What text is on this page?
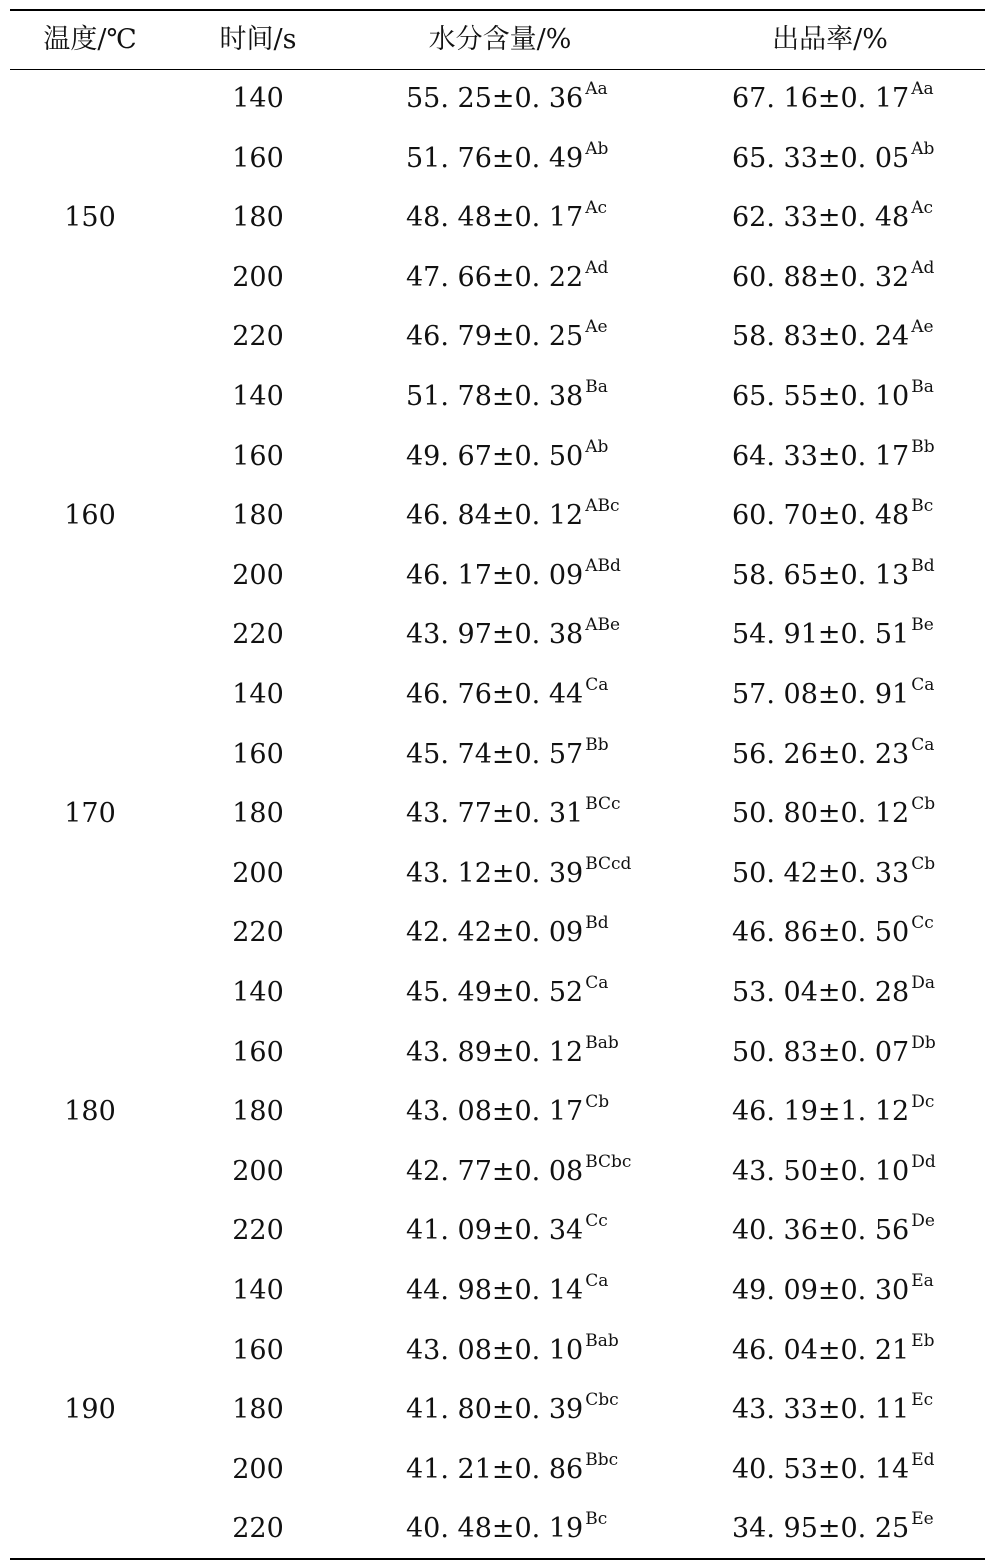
温度/℃	时间/s	水分含量/%	出品率/%
150
140	55. 25±0. 36 $^{Aa}$	67. 16±0. 17 $^{Aa}$
160	51. 76±0. 49 $^{Ab}$	65. 33±0. 05 $^{Ab}$
180	48. 48±0. 17 $^{Ac}$	62. 33±0. 48 $^{Ac}$
200	47. 66±0. 22 $^{Ad}$	60. 88±0. 32 $^{Ad}$
220	46. 79±0. 25 $^{Ae}$	58. 83±0. 24 $^{Ae}$
160
140	51. 78±0. 38 $^{Ba}$	65. 55±0. 10 $^{Ba}$
160	49. 67±0. 50 $^{Ab}$	64. 33±0. 17 $^{Bb}$
180	46. 84±0. 12 $^{ABc}$	60. 70±0. 48 $^{Bc}$
200	46. 17±0. 09 $^{ABd}$	58. 65±0. 13 $^{Bd}$
220	43. 97±0. 38 $^{ABe}$	54. 91±0. 51 $^{Be}$
170
140	46. 76±0. 44 $^{Ca}$	57. 08±0. 91 $^{Ca}$
160	45. 74±0. 57 $^{Bb}$	56. 26±0. 23 $^{Ca}$
180	43. 77±0. 31 $^{BCc}$	50. 80±0. 12 $^{Cb}$
200	43. 12±0. 39 $^{BCcd}$	50. 42±0. 33 $^{Cb}$
220	42. 42±0. 09 $^{Bd}$	46. 86±0. 50 $^{Cc}$
180
140	45. 49±0. 52 $^{Ca}$	53. 04±0. 28 $^{Da}$
160	43. 89±0. 12 $^{Bab}$	50. 83±0. 07 $^{Db}$
180	43. 08±0. 17 $^{Cb}$	46. 19±1. 12 $^{Dc}$
200	42. 77±0. 08 $^{BCbc}$	43. 50±0. 10 $^{Dd}$
220	41. 09±0. 34 $^{Cc}$	40. 36±0. 56 $^{De}$
190
140	44. 98±0. 14 $^{Ca}$	49. 09±0. 30 $^{Ea}$
160	43. 08±0. 10 $^{Bab}$	46. 04±0. 21 $^{Eb}$
180	41. 80±0. 39 $^{Cbc}$	43. 33±0. 11 $^{Ec}$
200	41. 21±0. 86 $^{Bbc}$	40. 53±0. 14 $^{Ed}$
220	40. 48±0. 19 $^{Bc}$	34. 95±0. 25 $^{Ee}$
